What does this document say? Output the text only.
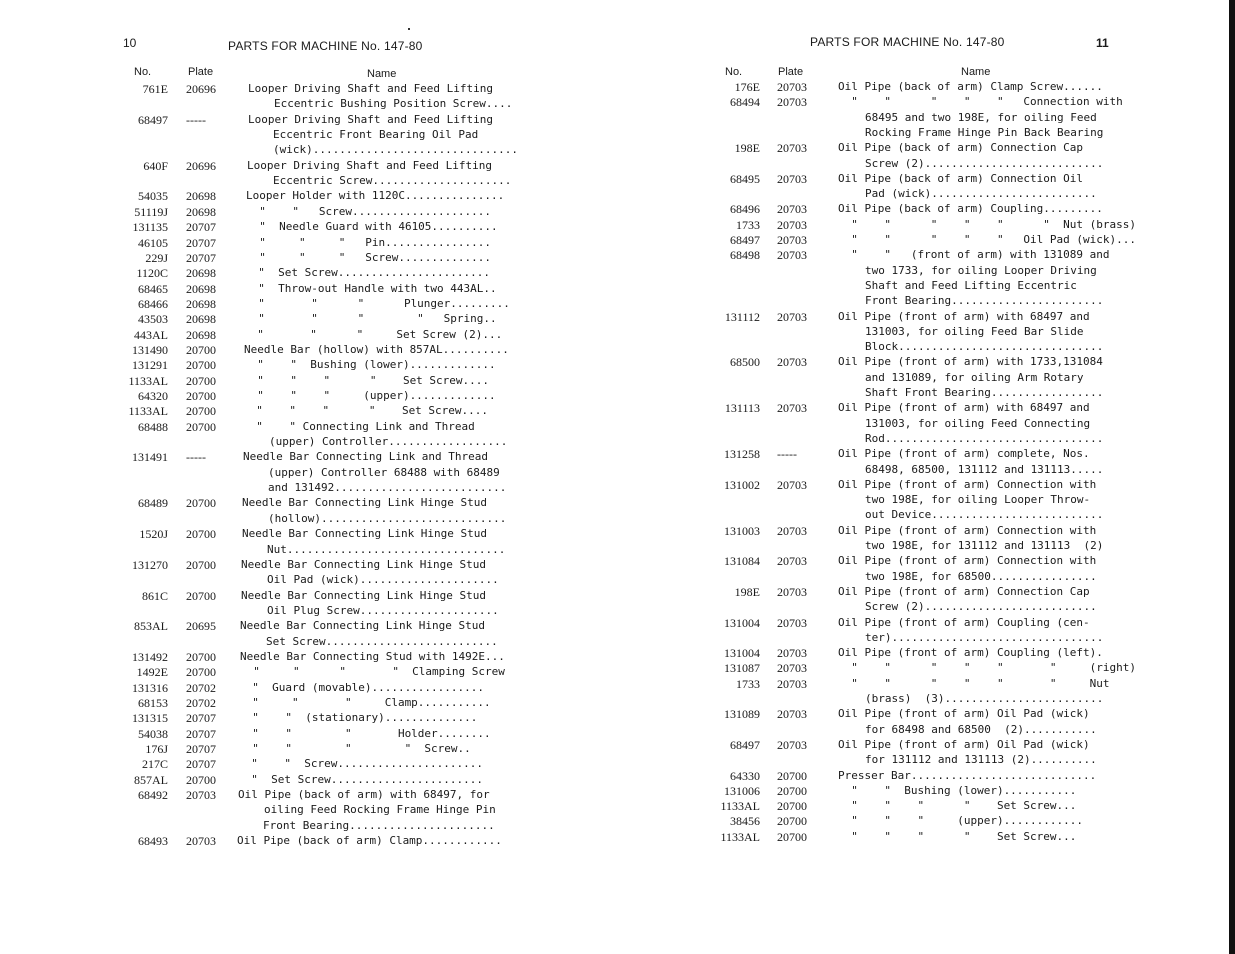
10	PARTS FOR MACHINE No. 147-80
No.	Plate	Name
761E 20696	Looper Driving Shaft and Feed Lifting
Eccentric Bushing Position Screw....
68497 -----	Looper Driving Shaft and Feed Lifting
Eccentric Front Bearing Oil Pad
(wick)...............................
640F 20696	Looper Driving Shaft and Feed Lifting
Eccentric Screw.....................
54035 20698	Looper Holder with 1120C...............
51119J 20698	"    "   Screw.....................
131135 20707	"  Needle Guard with 46105..........
46105 20707	"     "     "   Pin................
229J 20707	"     "     "   Screw..............
1120C 20698	"  Set Screw.......................
68465 20698	"  Throw-out Handle with two 443AL..
68466 20698	"       "      "      Plunger.........
43503 20698	"       "      "        "   Spring..
443AL 20698	"       "      "     Set Screw (2)...
131490 20700	Needle Bar (hollow) with 857AL..........
131291 20700	"    "  Bushing (lower).............
1133AL 20700	"    "    "      "    Set Screw....
64320 20700	"    "    "     (upper).............
1133AL 20700 "    "    "      "    Set Screw....
68488 20700 "    " Connecting Link and Thread
(upper) Controller..................
131491 -----	Needle Bar Connecting Link and Thread
(upper) Controller 68488 with 68489
and 131492..........................
68489 20700 Needle Bar Connecting Link Hinge Stud
(hollow)............................
1520J 20700 Needle Bar Connecting Link Hinge Stud
Nut.................................
131270 20700 Needle Bar Connecting Link Hinge Stud
Oil Pad (wick).....................
861C 20700 Needle Bar Connecting Link Hinge Stud
Oil Plug Screw.....................
853AL 20695 Needle Bar Connecting Link Hinge Stud
Set Screw..........................
131492 20700 Needle Bar Connecting Stud with 1492E...
1492E 20700 "     "      "       "  Clamping Screw
131316 20702 "  Guard (movable).................
68153 20702 "     "       "     Clamp...........
131315 20707 "    "  (stationary)..............
54038 20707 "    "        "       Holder........
176J 20707 "    "        "        "  Screw..
217C 20707 "    "  Screw......................
857AL 20700 "  Set Screw.......................
68492 20703 Oil Pipe (back of arm) with 68497, for
oiling Feed Rocking Frame Hinge Pin
Front Bearing......................
68493 20703 Oil Pipe (back of arm) Clamp............
PARTS FOR MACHINE No. 147-80	11
No.	Plate	Name
176E 20703	Oil Pipe (back of arm) Clamp Screw......
68494 20703	"    "      "    "    "   Connection with
68495 and two 198E, for oiling Feed
Rocking Frame Hinge Pin Back Bearing
198E 20703	Oil Pipe (back of arm) Connection Cap
Screw (2)...........................
68495 20703	Oil Pipe (back of arm) Connection Oil
Pad (wick).........................
68496 20703	Oil Pipe (back of arm) Coupling.........
1733 20703	"    "      "    "    "      "  Nut (brass)
68497 20703	"    "      "    "    "   Oil Pad (wick)...
68498 20703	"    "   (front of arm) with 131089 and
two 1733, for oiling Looper Driving
Shaft and Feed Lifting Eccentric
Front Bearing.......................
131112 20703	Oil Pipe (front of arm) with 68497 and
131003, for oiling Feed Bar Slide
Block...............................
68500 20703	Oil Pipe (front of arm) with 1733,131084
and 131089, for oiling Arm Rotary
Shaft Front Bearing.................
131113 20703	Oil Pipe (front of arm) with 68497 and
131003, for oiling Feed Connecting
Rod.................................
131258 -----	Oil Pipe (front of arm) complete, Nos.
68498, 68500, 131112 and 131113.....
131002 20703	Oil Pipe (front of arm) Connection with
two 198E, for oiling Looper Throw-
out Device..........................
131003 20703	Oil Pipe (front of arm) Connection with
two 198E, for 131112 and 131113  (2)
131084 20703	Oil Pipe (front of arm) Connection with
two 198E, for 68500................
198E 20703	Oil Pipe (front of arm) Connection Cap
Screw (2)..........................
131004 20703	Oil Pipe (front of arm) Coupling (cen-
ter)................................
131004 20703	Oil Pipe (front of arm) Coupling (left).
131087 20703	"    "      "    "    "       "     (right)
1733 20703	"    "      "    "    "       "     Nut
(brass)  (3)........................
131089 20703	Oil Pipe (front of arm) Oil Pad (wick)
for 68498 and 68500  (2)...........
68497 20703	Oil Pipe (front of arm) Oil Pad (wick)
for 131112 and 131113 (2)..........
64330 20700	Presser Bar............................
131006 20700	"    "  Bushing (lower)...........
1133AL 20700	"    "    "      "    Set Screw...
38456 20700	"    "    "     (upper)............
1133AL 20700	"    "    "      "    Set Screw...
